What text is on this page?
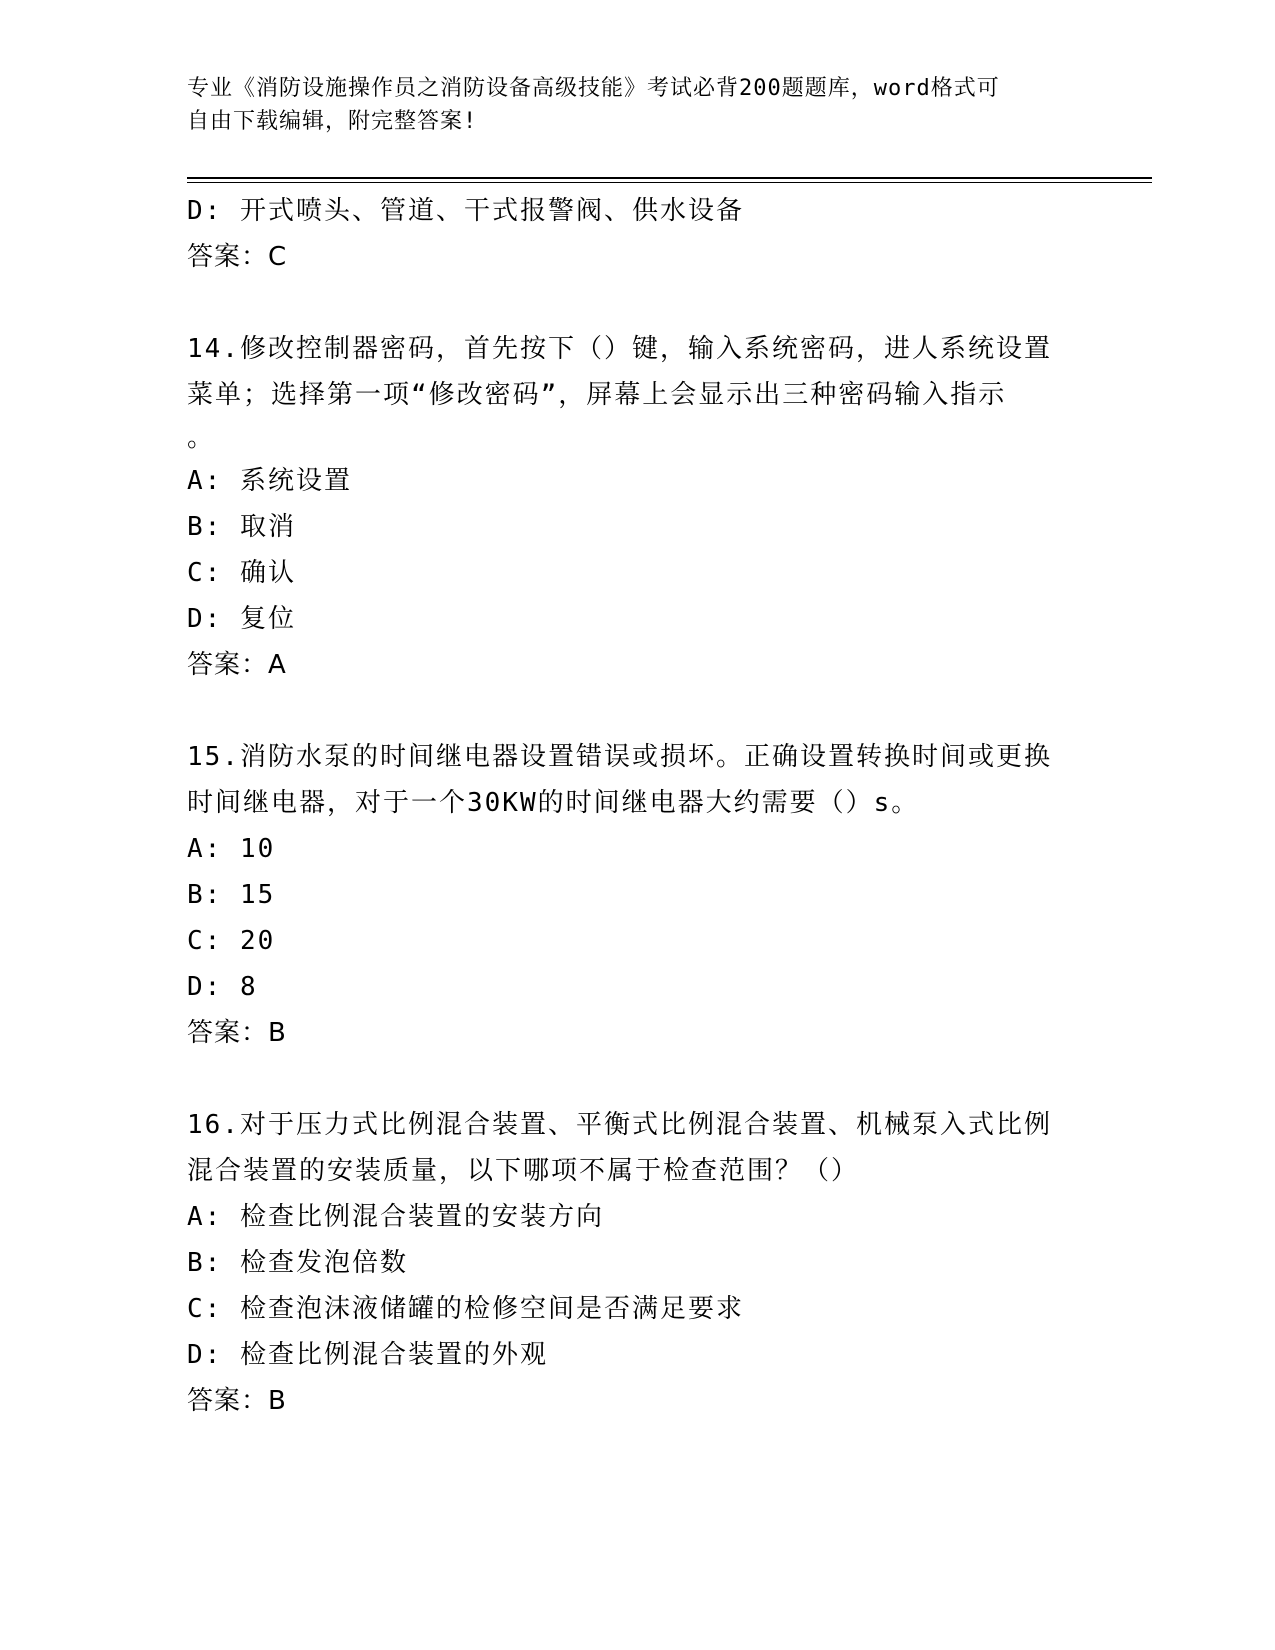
专业《消防设施操作员之消防设备高级技能》考试必背200题题库，word格式可
自由下载编辑，附完整答案!
D: 开式喷头、管道、干式报警阀、供水设备
答案：C
14.修改控制器密码，首先按下（）键，输入系统密码，进人系统设置
菜单；选择第一项“修改密码”，屏幕上会显示出三种密码输入指示
。
A: 系统设置
B: 取消
C: 确认
D: 复位
答案：A
15.消防水泵的时间继电器设置错误或损坏。正确设置转换时间或更换
时间继电器，对于一个30KW的时间继电器大约需要（）s。
A: 10
B: 15
C: 20
D: 8
答案：B
16.对于压力式比例混合装置、平衡式比例混合装置、机械泵入式比例
混合装置的安装质量，以下哪项不属于检查范围？（）
A: 检查比例混合装置的安装方向
B: 检查发泡倍数
C: 检查泡沫液储罐的检修空间是否满足要求
D: 检查比例混合装置的外观
答案：B
